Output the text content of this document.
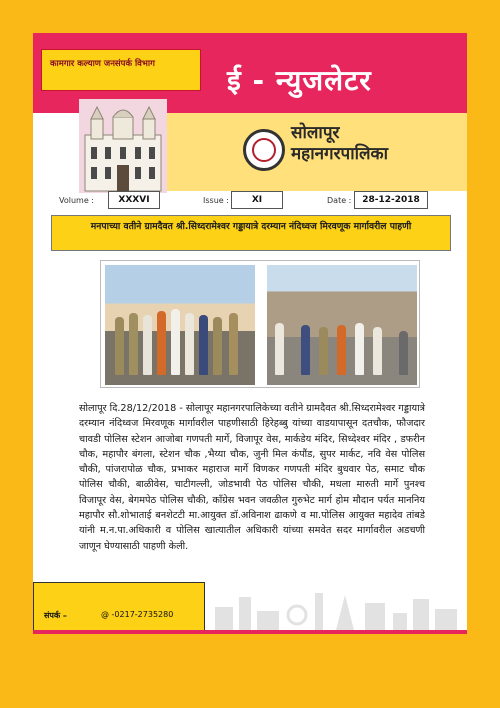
कामगार कल्याण जनसंपर्क विभाग	ई - न्युजलेटर
सोलापूर
महानगरपालिका
Volume :	XXXVI	Issue :	XI	Date :	28-12-2018
मनपाच्या वतीने ग्रामदैवत श्री.सिध्दरामेश्वर गड्डायात्रे दरम्यान नंदिध्वज मिरवणूक मार्गावरील पाहणी
सोलापूर दि.28/12/2018 - सोलापूर महानगरपालिकेच्या वतीने ग्रामदैवत श्री.सिध्दरामेश्वर गड्डायात्रे दरम्यान नंदिध्वज मिरवणूक मार्गावरील पाहणीसाठी हिरेहब्बु यांच्या वाडयापासून दतचौक, फौजदार चावडी पोलिस स्टेशन आजोबा गणपती मार्गे, विजापूर वेस, मार्कडेय मंदिर, सिध्देश्वर मंदिर , डफरीन चौक, महापौर बंगला, स्टेशन चौक ,भैय्या चौक, जुनी मिल कंपौंड, सुपर मार्कट, नवि वेस पोलिस चौकी, पांजरापोळ चौक, प्रभाकर महाराज मार्गे विणकर गणपती मंदिर बुधवार पेठ, समाट चौक पोलिस चौकी, बाळीवेस, चाटीगल्ली, जोडभावी पेठ पोलिस चौकी, मधला मारुती मार्गे पुनश्च विजापूर वेस, बेगमपेठ पोलिस चौकी, कॉंग्रेस भवन जवळील गुरुभेट मार्ग होम मौदान पर्यत माननिय महापौर सौ.शोभाताई बनशेटटी मा.आयुक्त डॉ.अविनाश ढाकणे व मा.पोलिस आयुक्त महादेव तांबडे यांनी म.न.पा.अधिकारी व पोलिस खात्यातील अधिकारी यांच्या समवेत सदर मार्गावरील अडचणी जाणून घेण्यासाठी पाहणी केली.
संपर्क –	@ -0217-2735280
